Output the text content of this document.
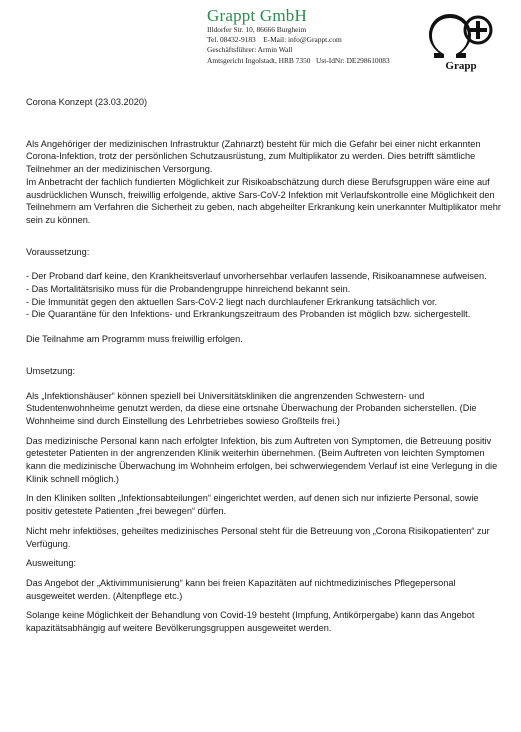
Grappt GmbH
Illdorfer Str. 10, 86666 Burgheim
Tel. 08432-9183    E-Mail: info@Grappt.com
Geschäftsführer: Armin Wall
Amtsgericht Ingolstadt, HRB 7350   Ust-IdNr: DE298610083	Grapp

Corona Konzept (23.03.2020)

Als Angehöriger der medizinischen Infrastruktur (Zahnarzt) besteht für mich die Gefahr bei einer nicht erkannten Corona-Infektion, trotz der persönlichen Schutzausrüstung, zum Multiplikator zu werden. Dies betrifft sämtliche Teilnehmer an der medizinischen Versorgung.

Im Anbetracht der fachlich fundierten Möglichkeit zur Risikoabschätzung durch diese Berufsgruppen wäre eine auf ausdrücklichen Wunsch, freiwillig erfolgende, aktive Sars-CoV-2 Infektion mit Verlaufskontrolle eine Möglichkeit den Teilnehmern am Verfahren die Sicherheit zu geben, nach abgeheilter Erkrankung kein unerkannter Multiplikator mehr sein zu können.

Voraussetzung:

- Der Proband darf keine, den Krankheitsverlauf unvorhersehbar verlaufen lassende, Risikoanamnese aufweisen.

- Das Mortalitätsrisiko muss für die Probandengruppe hinreichend bekannt sein.

- Die Immunität gegen den aktuellen Sars-CoV-2 liegt nach durchlaufener Erkrankung tatsächlich vor.

- Die Quarantäne für den Infektions- und Erkrankungszeitraum des Probanden ist möglich bzw. sichergestellt.

Die Teilnahme am Programm muss freiwillig erfolgen.

Umsetzung:

Als „Infektionshäuser“ können speziell bei Universitätskliniken die angrenzenden Schwestern- und Studentenwohnheime genutzt werden, da diese eine ortsnahe Überwachung der Probanden sicherstellen. (Die Wohnheime sind durch Einstellung des Lehrbetriebes sowieso Großteils frei.)

Das medizinische Personal kann nach erfolgter Infektion, bis zum Auftreten von Symptomen, die Betreuung positiv getesteter Patienten in der angrenzenden Klinik weiterhin übernehmen. (Beim Auftreten von leichten Symptomen kann die medizinische Überwachung im Wohnheim erfolgen, bei schwerwiegendem Verlauf ist eine Verlegung in die Klinik schnell möglich.)

In den Kliniken sollten „Infektionsabteilungen“ eingerichtet werden, auf denen sich nur infizierte Personal, sowie positiv getestete Patienten „frei bewegen“ dürfen.

Nicht mehr infektiöses, geheiltes medizinisches Personal steht für die Betreuung von „Corona Risikopatienten“ zur Verfügung.

Ausweitung:

Das Angebot der „Aktivimmunisierung“ kann bei freien Kapazitäten auf nichtmedizinisches Pflegepersonal ausgeweitet werden. (Altenpflege etc.)

Solange keine Möglichkeit der Behandlung von Covid-19 besteht (Impfung, Antikörpergabe) kann das Angebot kapazitätsabhängig auf weitere Bevölkerungsgruppen ausgeweitet werden.
